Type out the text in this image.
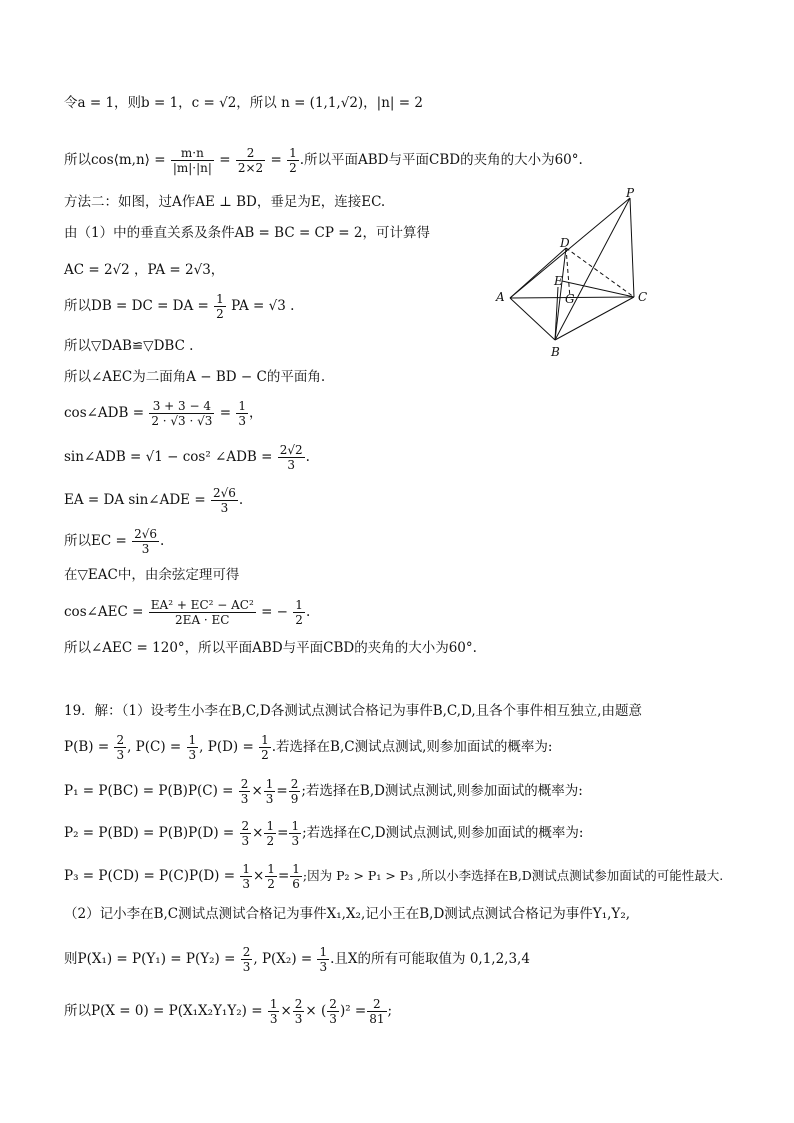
所以cos⟨m,n⟩ = $\frac{m\cdot n}{|m|\cdot|n|} = \frac{2}{2\times 2} = \frac{1}{2}$ .所以平面ABD与平面CBD的夹角的大小为60°.
令a = 1，则b = 1，c = √2，所以 n = (1,1,√2)，|n| = 2
方法二：如图，过A作AE ⊥ BD，垂足为E，连接EC.
由（1）中的垂直关系及条件AB = BC = CP = 2，可计算得
AC = 2√2 ，PA = 2√3，
所以DB = DC = DA = $\frac{1}{2}$ PA = √3 .
所以▽DAB≌▽DBC .
所以∠AEC为二面角A − BD − C的平面角.
cos∠ADB = $\frac{3 + 3 - 4}{2 \cdot √3 \cdot √3} = \frac{1}{3}$ ，
sin∠ADB = √1 − cos² ∠ADB = $\frac{2√2}{3}$ .
EA = DA sin∠ADE = $\frac{2√6}{3}$ .
所以EC = $\frac{2√6}{3}$ .
在▽EAC中，由余弦定理可得
cos∠AEC = $\frac{\text{EA² + EC² − AC²}}{2EA \cdot EC}$ = − $\frac{1}{2}$ .
所以∠AEC = 120°，所以平面ABD与平面CBD的夹角的大小为60°.
P
D
E
G
A	C
B
19．解：（1）设考生小李在B,C,D各测试点测试合格记为事件B,C,D,且各个事件相互独立,由题意
$P(B) = \frac{2}{3}$ , $P(C) = \frac{1}{3}$ , $P(D) = \frac{1}{2}$ .若选择在B,C测试点测试,则参加面试的概率为:
$P_1 = P(BC) = P(B)P(C) = \frac{2}{3} \times \frac{1}{3} = \frac{2}{9}$ ;若选择在B,D测试点测试,则参加面试的概率为:
$P_2 = P(BD) = P(B)P(D) = \frac{2}{3} \times \frac{1}{2} = \frac{1}{3}$ ;若选择在C,D测试点测试,则参加面试的概率为:
$P_3 = P(CD) = P(C)P(D) = \frac{1}{3} \times \frac{1}{2} = \frac{1}{6}$ ;因为 P₂ > P₁ > P₃ ,所以小李选择在B,D测试点测试参加面试的可能性最大.
（2）记小李在B,C测试点测试合格记为事件X₁,X₂,记小王在B,D测试点测试合格记为事件Y₁,Y₂,
则$P(X_1) = P(Y_1) = P(Y_2) = \frac{2}{3}$ , $P(X_2) = \frac{1}{3}$ .且X的所有可能取值为 0,1,2,3,4
所以$P(X = 0) = P(X_1X_2Y_1Y_2) = \frac{1}{3} \times \frac{2}{3}$ × ( $\frac{2}{3} )^2 = \frac{2}{81}$ ;
